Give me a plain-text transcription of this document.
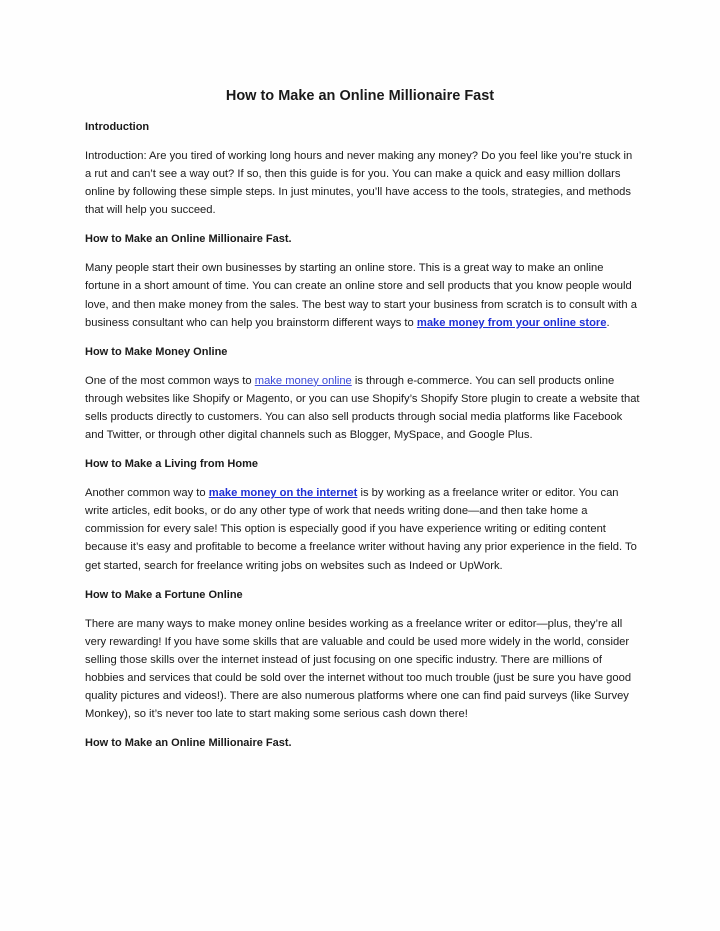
How to Make an Online Millionaire Fast
Introduction

Introduction: Are you tired of working long hours and never making any money? Do you feel like you’re stuck in a rut and can’t see a way out? If so, then this guide is for you. You can make a quick and easy million dollars online by following these simple steps. In just minutes, you’ll have access to the tools, strategies, and methods that will help you succeed.

How to Make an Online Millionaire Fast.

Many people start their own businesses by starting an online store. This is a great way to make an online fortune in a short amount of time. You can create an online store and sell products that you know people would love, and then make money from the sales. The best way to start your business from scratch is to consult with a business consultant who can help you brainstorm different ways to make money from your online store.

How to Make Money Online

One of the most common ways to make money online is through e-commerce. You can sell products online through websites like Shopify or Magento, or you can use Shopify’s Shopify Store plugin to create a website that sells products directly to customers. You can also sell products through social media platforms like Facebook and Twitter, or through other digital channels such as Blogger, MySpace, and Google Plus.

How to Make a Living from Home

Another common way to make money on the internet is by working as a freelance writer or editor. You can write articles, edit books, or do any other type of work that needs writing done—and then take home a commission for every sale! This option is especially good if you have experience writing or editing content because it’s easy and profitable to become a freelance writer without having any prior experience in the field. To get started, search for freelance writing jobs on websites such as Indeed or UpWork.

How to Make a Fortune Online

There are many ways to make money online besides working as a freelance writer or editor—plus, they’re all very rewarding! If you have some skills that are valuable and could be used more widely in the world, consider selling those skills over the internet instead of just focusing on one specific industry. There are millions of hobbies and services that could be sold over the internet without too much trouble (just be sure you have good quality pictures and videos!). There are also numerous platforms where one can find paid surveys (like Survey Monkey), so it’s never too late to start making some serious cash down there!

How to Make an Online Millionaire Fast.
